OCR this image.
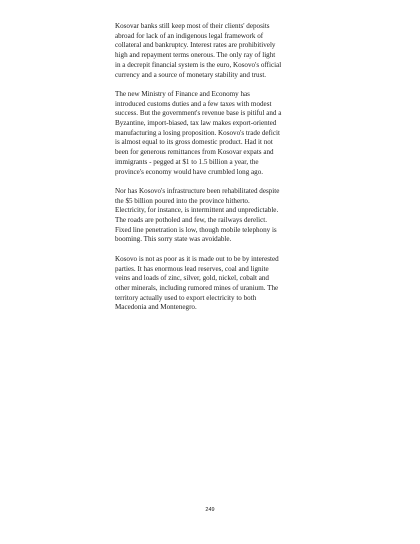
Kosovar banks still keep most of their clients' deposits
abroad for lack of an indigenous legal framework of
collateral and bankruptcy. Interest rates are prohibitively
high and repayment terms onerous. The only ray of light
in a decrepit financial system is the euro, Kosovo's official
currency and a source of monetary stability and trust.

The new Ministry of Finance and Economy has
introduced customs duties and a few taxes with modest
success. But the government's revenue base is pitiful and a
Byzantine, import-biased, tax law makes export-oriented
manufacturing a losing proposition. Kosovo's trade deficit
is almost equal to its gross domestic product. Had it not
been for generous remittances from Kosovar expats and
immigrants - pegged at $1 to 1.5 billion a year, the
province's economy would have crumbled long ago.

Nor has Kosovo's infrastructure been rehabilitated despite
the $5 billion poured into the province hitherto.
Electricity, for instance, is intermittent and unpredictable.
The roads are potholed and few, the railways derelict.
Fixed line penetration is low, though mobile telephony is
booming. This sorry state was avoidable.

Kosovo is not as poor as it is made out to be by interested
parties. It has enormous lead reserves, coal and lignite
veins and loads of zinc, silver, gold, nickel, cobalt and
other minerals, including rumored mines of uranium. The
territory actually used to export electricity to both
Macedonia and Montenegro.

249
